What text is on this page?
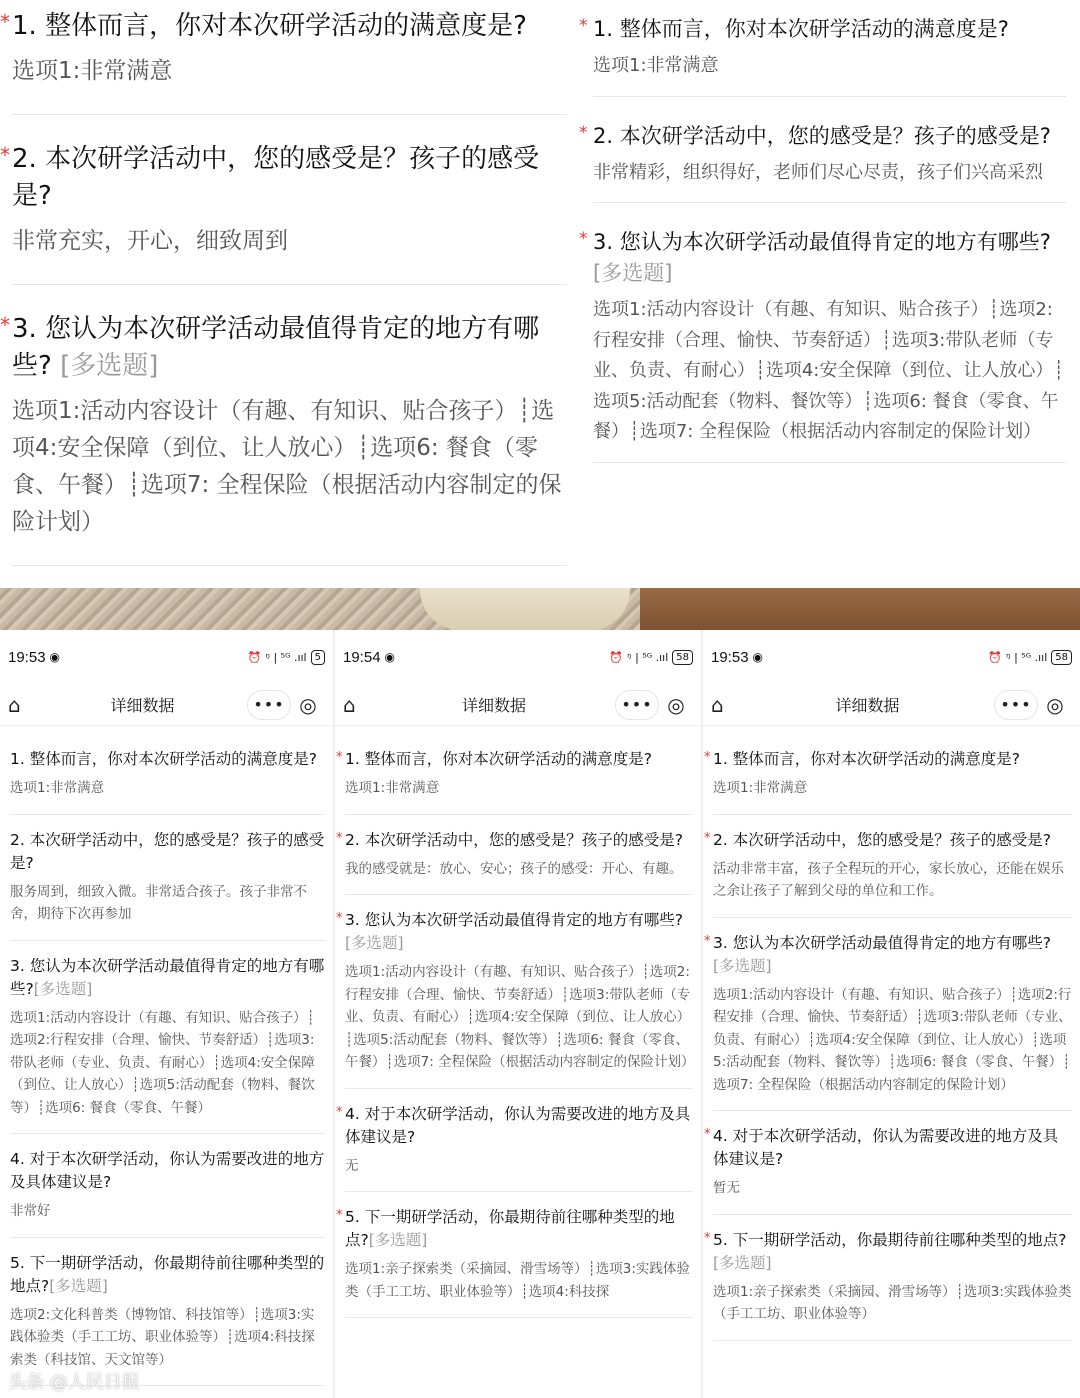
* 1. 整体而言，你对本次研学活动的满意度是?
选项1:非常满意
* 2. 本次研学活动中，您的感受是？孩子的感受是?
非常充实，开心，细致周到
* 3. 您认为本次研学活动最值得肯定的地方有哪些? [多选题]
选项1:活动内容设计（有趣、有知识、贴合孩子）┊选项4:安全保障（到位、让人放心）┊选项6: 餐食（零食、午餐）┊选项7: 全程保险（根据活动内容制定的保险计划）
* 1. 整体而言，你对本次研学活动的满意度是?
选项1:非常满意
* 2. 本次研学活动中，您的感受是？孩子的感受是?
非常精彩，组织得好，老师们尽心尽责，孩子们兴高采烈
* 3. 您认为本次研学活动最值得肯定的地方有哪些?[多选题]
选项1:活动内容设计（有趣、有知识、贴合孩子）┊选项2:行程安排（合理、愉快、节奏舒适）┊选项3:带队老师（专业、负责、有耐心）┊选项4:安全保障（到位、让人放心）┊选项5:活动配套（物料、餐饮等）┊选项6: 餐食（零食、午餐）┊选项7: 全程保险（根据活动内容制定的保险计划）
19:53 ◉	⏰ ᵑ | ⁵ᴳ .ııl 5
⌂	详细数据	••• ◎
1. 整体而言，你对本次研学活动的满意度是?
选项1:非常满意
2. 本次研学活动中，您的感受是？孩子的感受是?
服务周到，细致入微。非常适合孩子。孩子非常不舍，期待下次再参加
3. 您认为本次研学活动最值得肯定的地方有哪些?[多选题]
选项1:活动内容设计（有趣、有知识、贴合孩子）┊选项2:行程安排（合理、愉快、节奏舒适）┊选项3:带队老师（专业、负责、有耐心）┊选项4:安全保障（到位、让人放心）┊选项5:活动配套（物料、餐饮等）┊选项6: 餐食（零食、午餐）
4. 对于本次研学活动，你认为需要改进的地方及具体建议是?
非常好
5. 下一期研学活动，你最期待前往哪种类型的地点?[多选题]
选项2:文化科普类（博物馆、科技馆等）┊选项3:实践体验类（手工工坊、职业体验等）┊选项4:科技探索类（科技馆、天文馆等）
19:54 ◉	⏰ ᵑ | ⁵ᴳ .ııl 58
⌂	详细数据	••• ◎
* 1. 整体而言，你对本次研学活动的满意度是?
选项1:非常满意
* 2. 本次研学活动中，您的感受是？孩子的感受是?
我的感受就是：放心、安心；孩子的感受：开心、有趣。
* 3. 您认为本次研学活动最值得肯定的地方有哪些?[多选题]
选项1:活动内容设计（有趣、有知识、贴合孩子）┊选项2:行程安排（合理、愉快、节奏舒适）┊选项3:带队老师（专业、负责、有耐心）┊选项4:安全保障（到位、让人放心）┊选项5:活动配套（物料、餐饮等）┊选项6: 餐食（零食、午餐）┊选项7: 全程保险（根据活动内容制定的保险计划）
* 4. 对于本次研学活动，你认为需要改进的地方及具体建议是?
无
* 5. 下一期研学活动，你最期待前往哪种类型的地点?[多选题]
选项1:亲子探索类（采摘园、滑雪场等）┊选项3:实践体验类（手工工坊、职业体验等）┊选项4:科技探
19:53 ◉	⏰ ᵑ | ⁵ᴳ .ııl 58
⌂	详细数据	••• ◎
* 1. 整体而言，你对本次研学活动的满意度是?
选项1:非常满意
* 2. 本次研学活动中，您的感受是？孩子的感受是?
活动非常丰富，孩子全程玩的开心，家长放心，还能在娱乐之余让孩子了解到父母的单位和工作。
* 3. 您认为本次研学活动最值得肯定的地方有哪些?[多选题]
选项1:活动内容设计（有趣、有知识、贴合孩子）┊选项2:行程安排（合理、愉快、节奏舒适）┊选项3:带队老师（专业、负责、有耐心）┊选项4:安全保障（到位、让人放心）┊选项5:活动配套（物料、餐饮等）┊选项6: 餐食（零食、午餐）┊选项7: 全程保险（根据活动内容制定的保险计划）
* 4. 对于本次研学活动，你认为需要改进的地方及具体建议是?
暂无
* 5. 下一期研学活动，你最期待前往哪种类型的地点?[多选题]
选项1:亲子探索类（采摘园、滑雪场等）┊选项3:实践体验类（手工工坊、职业体验等）
头条 @人民日报
